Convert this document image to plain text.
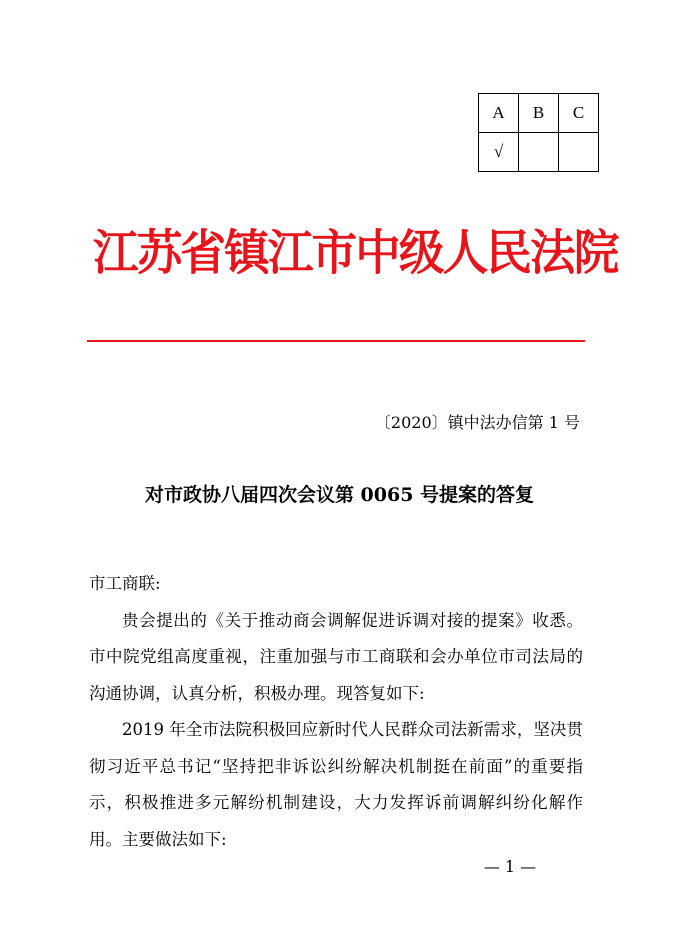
A	B	C
√		
江苏省镇江市中级人民法院
〔2020〕镇中法办信第 1 号
对市政协八届四次会议第 0065 号提案的答复

市工商联:

贵会提出的《关于推动商会调解促进诉调对接的提案》收悉。市中院党组高度重视，注重加强与市工商联和会办单位市司法局的沟通协调，认真分析，积极办理。现答复如下:

2019 年全市法院积极回应新时代人民群众司法新需求，坚决贯彻习近平总书记“坚持把非诉讼纠纷解决机制挺在前面”的重要指示，积极推进多元解纷机制建设，大力发挥诉前调解纠纷化解作用。主要做法如下:

— 1 —
